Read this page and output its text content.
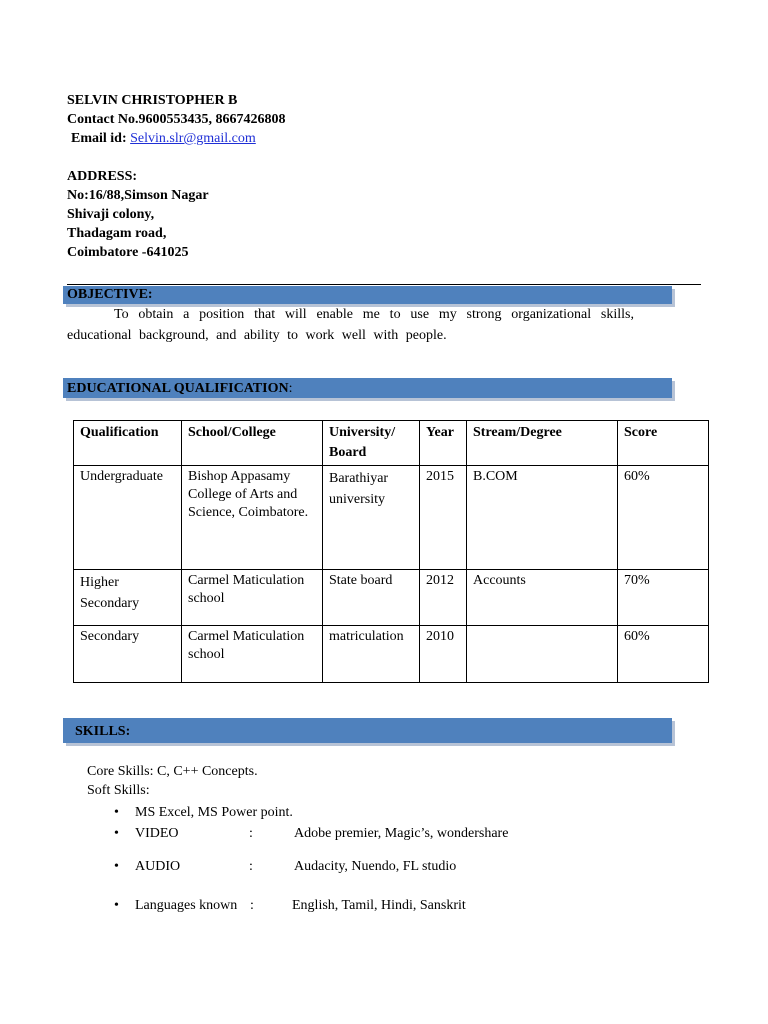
SELVIN CHRISTOPHER B
Contact No.9600553435, 8667426808
Email id: Selvin.slr@gmail.com
ADDRESS:
No:16/88,Simson Nagar
Shivaji colony,
Thadagam road,
Coimbatore -641025
OBJECTIVE:

To obtain a position that will enable me to use my strong organizational skills,

educational background, and ability to work well with people.

EDUCATIONAL QUALIFICATION:
Qualification	School/College	University/ Board	Year	Stream/Degree	Score
Undergraduate	Bishop Appasamy College of Arts and Science, Coimbatore.	Barathiyar university	2015	B.COM	60%
Higher Secondary	Carmel Maticulation school	State board	2012	Accounts	70%
Secondary	Carmel Maticulation school	matriculation	2010		60%
SKILLS:
Core Skills: C, C++ Concepts.
Soft Skills:
• MS Excel, MS Power point.
• VIDEO	:	Adobe premier, Magic’s, wondershare
• AUDIO	:	Audacity, Nuendo, FL studio
• Languages known :	English, Tamil, Hindi, Sanskrit
